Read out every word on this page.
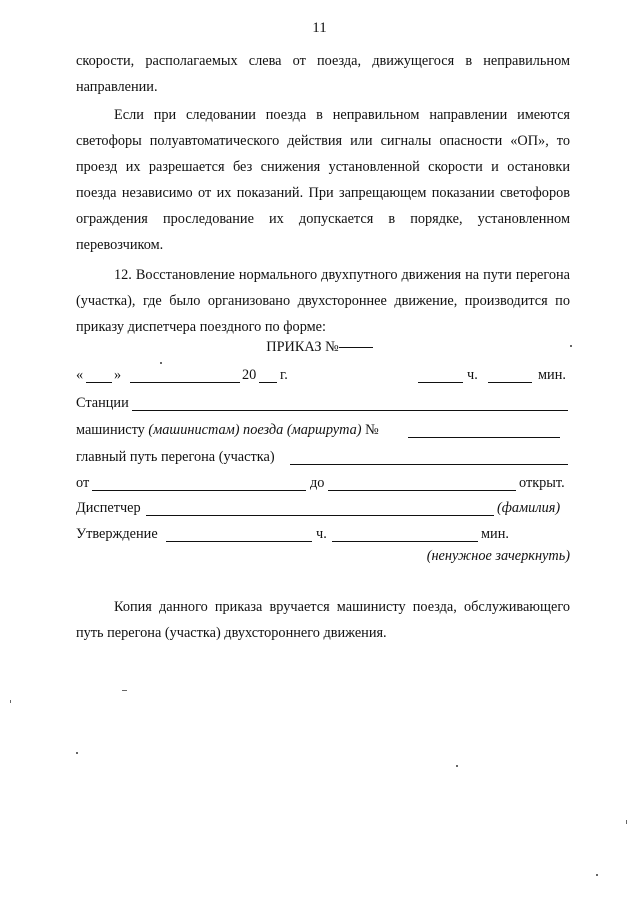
11
скорости, располагаемых слева от поезда, движущегося в неправильном направлении.
Если при следовании поезда в неправильном направлении имеются светофоры полуавтоматического действия или сигналы опасности «ОП», то проезд их разрешается без снижения установленной скорости и остановки поезда независимо от их показаний. При запрещающем показании светофоров ограждения проследование их допускается в порядке, установленном перевозчиком.
12. Восстановление нормального двухпутного движения на пути перегона (участка), где было организовано двухстороннее движение, производится по приказу диспетчера поездного по форме:
ПРИКАЗ №
« »	20 г.	ч.	мин.
Станции
машинисту (машинистам) поезда (маршрута) №
главный путь перегона (участка)
от	до	открыт.
Диспетчер	(фамилия)
Утверждение	ч.	мин.
(ненужное зачеркнуть)
Копия данного приказа вручается машинисту поезда, обслуживающего путь перегона (участка) двухстороннего движения.
